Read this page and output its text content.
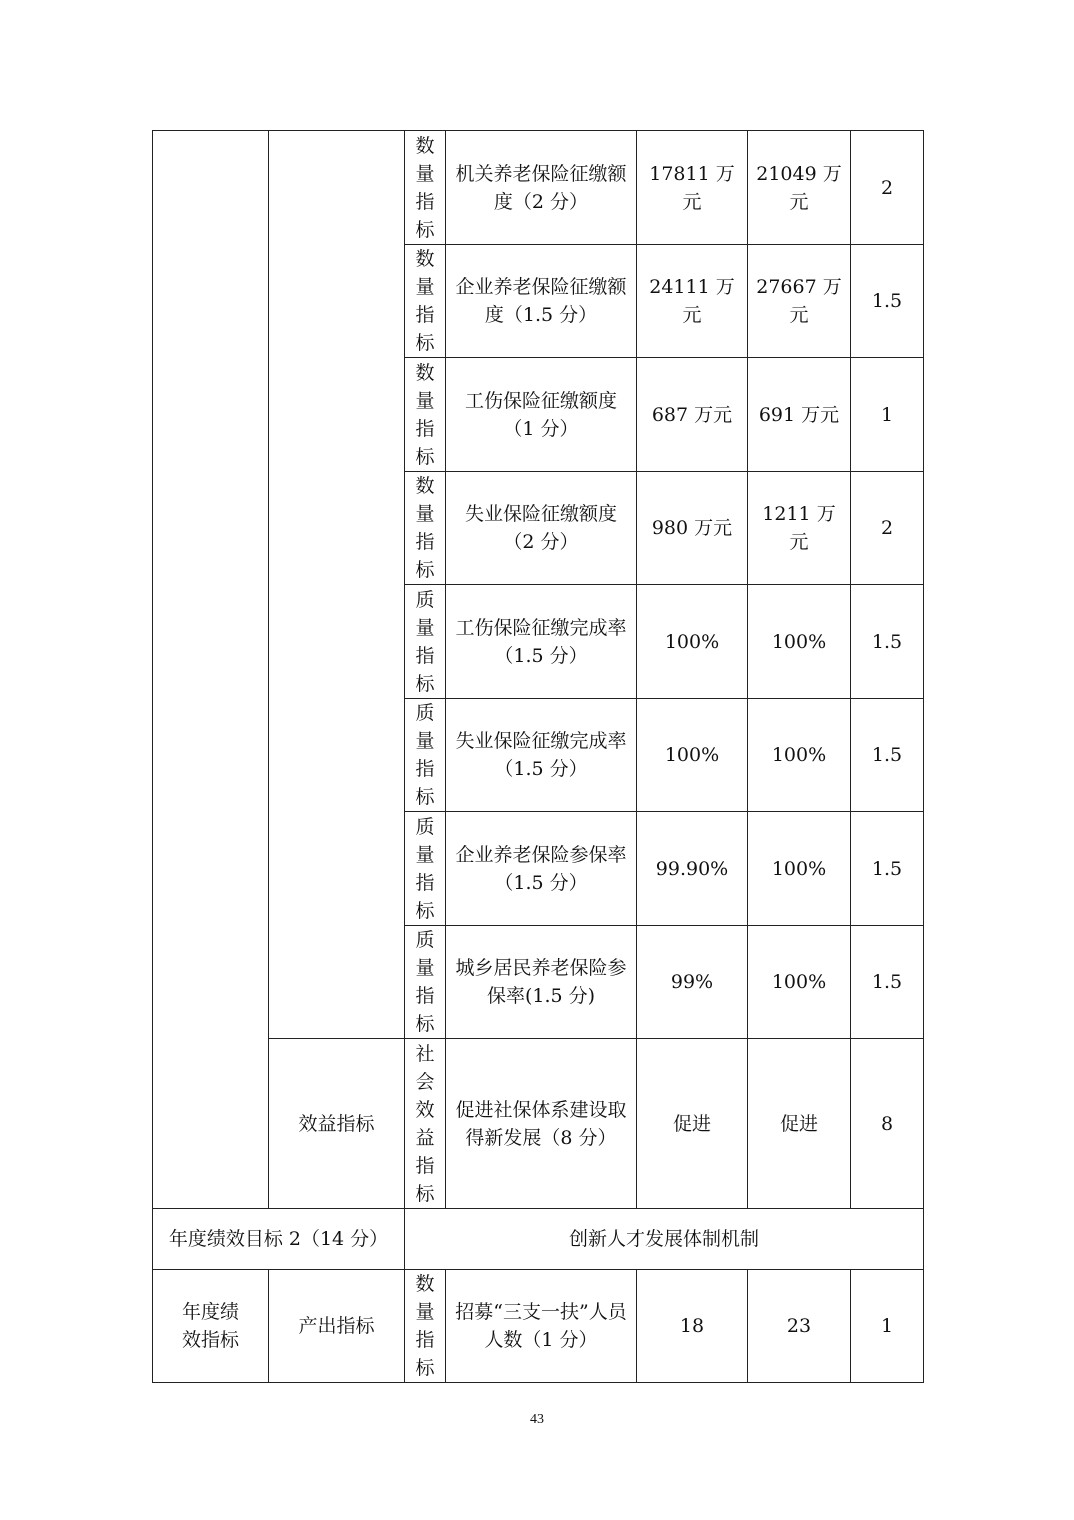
		数量指标	机关养老保险征缴额度（2 分）	17811 万元	21049 万元	2
		数量指标	企业养老保险征缴额度（1.5 分）	24111 万元	27667 万元	1.5
		数量指标	工伤保险征缴额度（1 分）	687 万元	691 万元	1
		数量指标	失业保险征缴额度（2 分）	980 万元	1211 万元	2
		质量指标	工伤保险征缴完成率（1.5 分）	100%	100%	1.5
		质量指标	失业保险征缴完成率（1.5 分）	100%	100%	1.5
		质量指标	企业养老保险参保率（1.5 分）	99.90%	100%	1.5
		质量指标	城乡居民养老保险参保率(1.5 分)	99%	100%	1.5
	效益指标	社会效益指标	促进社保体系建设取得新发展（8 分）	促进	促进	8
年度绩效目标 2（14 分）		创新人才发展体制机制				
年度绩效指标	产出指标	数量指标	招募“三支一扶”人员人数（1 分）	18	23	1
43
